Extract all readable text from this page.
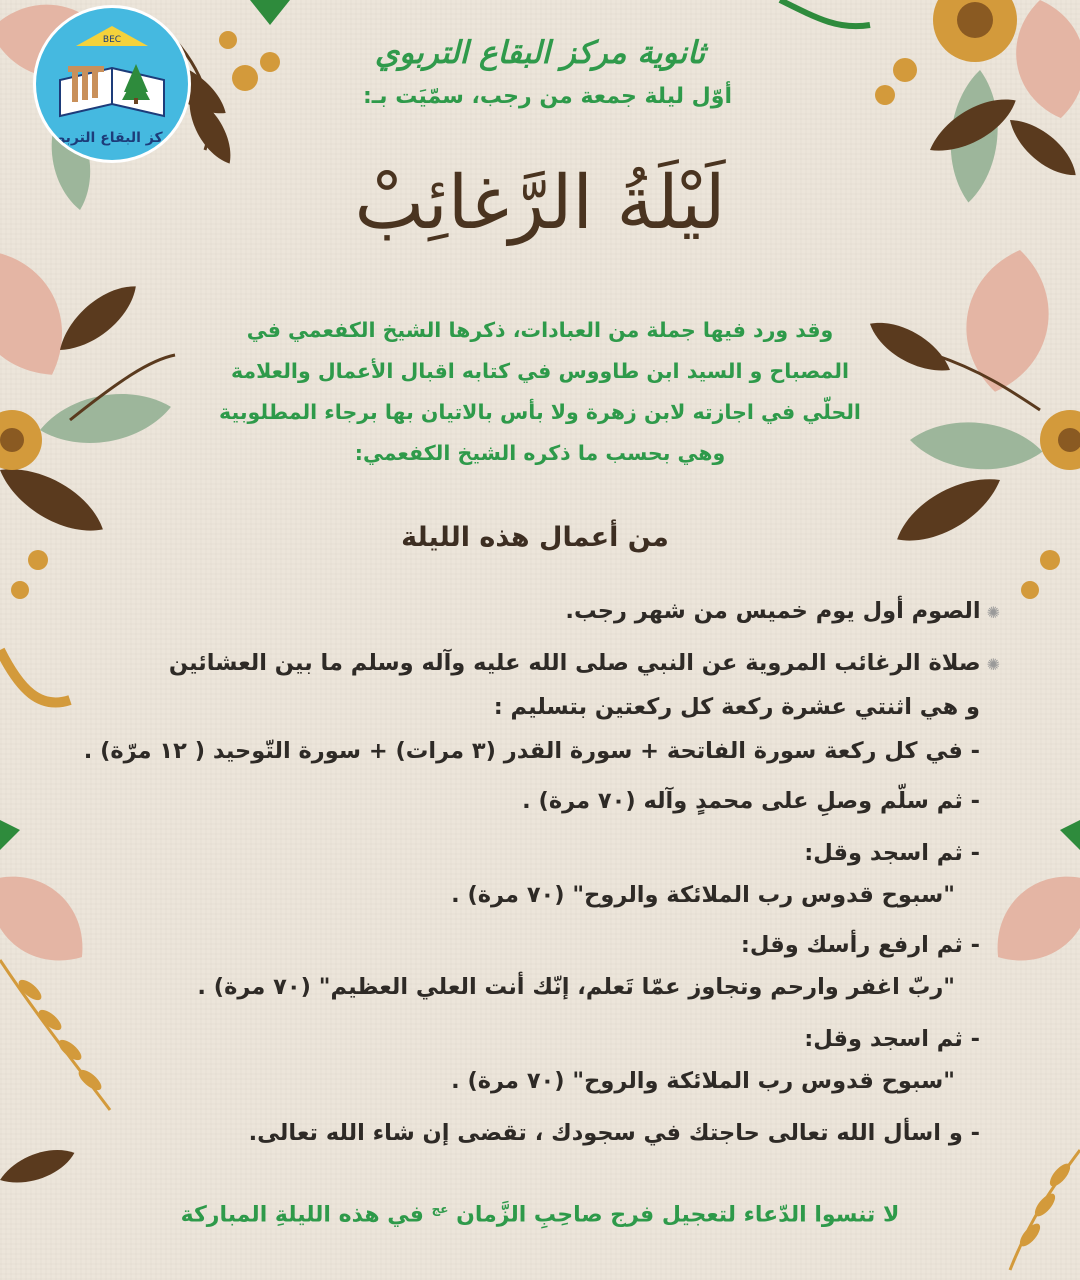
ثانوية مركز البقاع التربوي
BEC
مركز البقاع التربوي
أوّل ليلة جمعة من رجب، سمّيَت بـ:
لَيْلَةُ الرَّغائِبْ
وقد ورد فيها جملة من العبادات، ذكرها الشيخ الكفعمي في
المصباح و السيد ابن طاووس في كتابه اقبال الأعمال والعلامة
الحلّي في اجازته لابن زهرة ولا بأس بالاتيان بها برجاء المطلوبية
وهي بحسب ما ذكره الشيخ الكفعمي:
من أعمال هذه الليلة
✺الصوم أول يوم خميس من شهر رجب.
✺صلاة الرغائب المروية عن النبي صلى الله عليه وآله وسلم ما بين العشائين
و هي اثنتي عشرة ركعة كل ركعتين بتسليم :
- في كل ركعة سورة الفاتحة + سورة القدر (٣ مرات) + سورة التّوحيد ( ١٢ مرّة) .
- ثم سلّم وصلِ على محمدٍ وآله (٧٠ مرة) .
- ثم اسجد وقل:
"سبوح قدوس رب الملائكة والروح" (٧٠ مرة) .
- ثم ارفع رأسك وقل:
"ربّ اغفر وارحم وتجاوز عمّا تَعلم، إنّك أنت العلي العظيم" (٧٠ مرة) .
- ثم اسجد وقل:
"سبوح قدوس رب الملائكة والروح" (٧٠ مرة) .
- و اسأل الله تعالى حاجتك في سجودك ، تقضى إن شاء الله تعالى.
لا تنسوا الدّعاء لتعجيل فرج صاحِبِ الزَّمان $^{عج}$ في هذه الليلةِ المباركة
